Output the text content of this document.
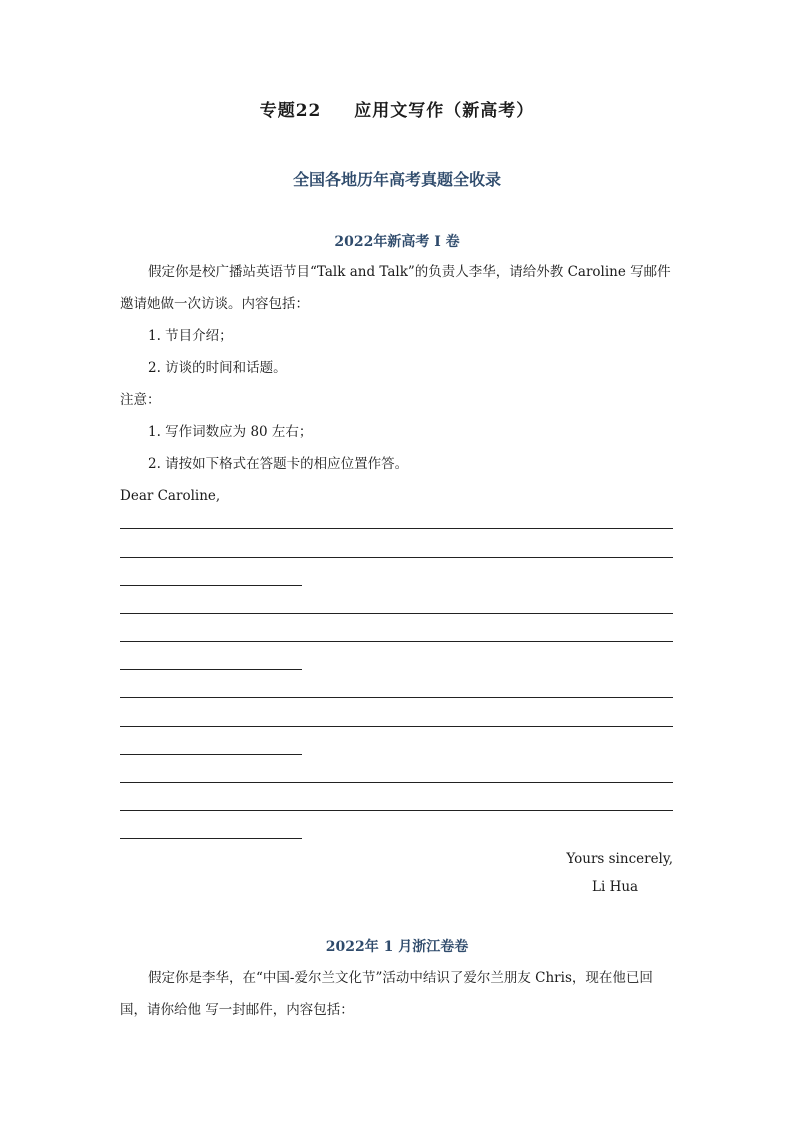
专题22 应用文写作（新高考）
全国各地历年高考真题全收录
2022年新高考 I 卷
假定你是校广播站英语节目“Talk and Talk”的负责人李华，请给外教 Caroline 写邮件
邀请她做一次访谈。内容包括：
1. 节目介绍；
2. 访谈的时间和话题。
注意：
1. 写作词数应为 80 左右；
2. 请按如下格式在答题卡的相应位置作答。
Dear Caroline,
Yours sincerely,
Li Hua
2022年 1 月浙江卷卷
假定你是李华，在“中国-爱尔兰文化节”活动中结识了爱尔兰朋友 Chris，现在他已回
国，请你给他 写一封邮件，内容包括：
